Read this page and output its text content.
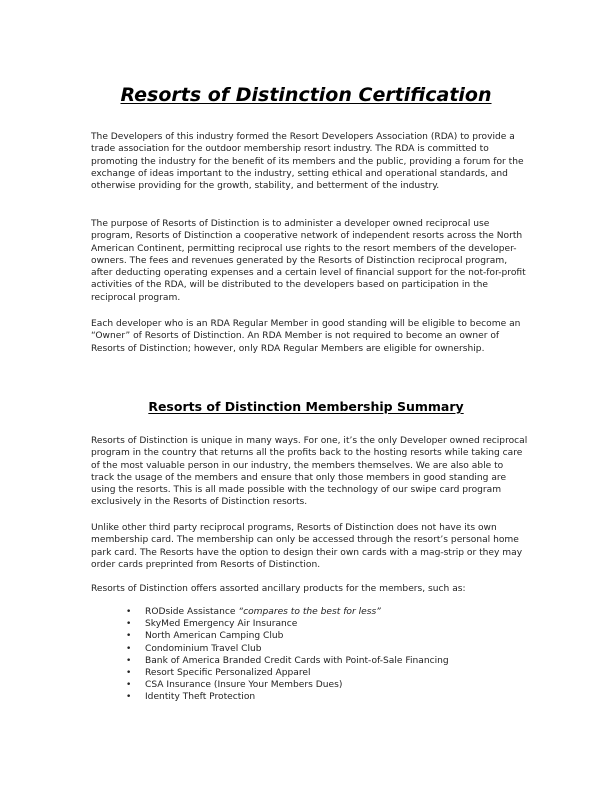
Resorts of Distinction Certification

The Developers of this industry formed the Resort Developers Association (RDA) to provide a trade association for the outdoor membership resort industry. The RDA is committed to promoting the industry for the benefit of its members and the public, providing a forum for the exchange of ideas important to the industry, setting ethical and operational standards, and otherwise providing for the growth, stability, and betterment of the industry.

The purpose of Resorts of Distinction is to administer a developer owned reciprocal use program, Resorts of Distinction a cooperative network of independent resorts across the North American Continent, permitting reciprocal use rights to the resort members of the developer-owners. The fees and revenues generated by the Resorts of Distinction reciprocal program, after deducting operating expenses and a certain level of financial support for the not-for-profit activities of the RDA, will be distributed to the developers based on participation in the reciprocal program.

Each developer who is an RDA Regular Member in good standing will be eligible to become an “Owner” of Resorts of Distinction. An RDA Member is not required to become an owner of Resorts of Distinction; however, only RDA Regular Members are eligible for ownership.

Resorts of Distinction Membership Summary

Resorts of Distinction is unique in many ways. For one, it’s the only Developer owned reciprocal program in the country that returns all the profits back to the hosting resorts while taking care of the most valuable person in our industry, the members themselves. We are also able to track the usage of the members and ensure that only those members in good standing are using the resorts. This is all made possible with the technology of our swipe card program exclusively in the Resorts of Distinction resorts.

Unlike other third party reciprocal programs, Resorts of Distinction does not have its own membership card. The membership can only be accessed through the resort’s personal home park card. The Resorts have the option to design their own cards with a mag-strip or they may order cards preprinted from Resorts of Distinction.

Resorts of Distinction offers assorted ancillary products for the members, such as:

• RODside Assistance “compares to the best for less”
• SkyMed Emergency Air Insurance
• North American Camping Club
• Condominium Travel Club
• Bank of America Branded Credit Cards with Point-of-Sale Financing
• Resort Specific Personalized Apparel
• CSA Insurance (Insure Your Members Dues)
• Identity Theft Protection
